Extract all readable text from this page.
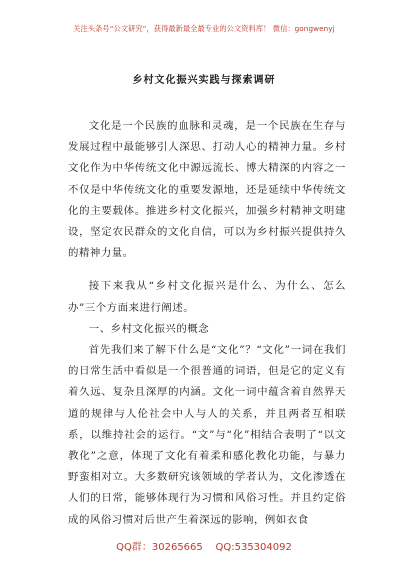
关注头条号“公文研究”，获得最新最全最专业的公文资料库！ 微信：gongwenyj
乡村文化振兴实践与探索调研

文化是一个民族的血脉和灵魂，是一个民族在生存与发展过程中最能够引人深思、打动人心的精神力量。乡村文化作为中华传统文化中源远流长、博大精深的内容之一不仅是中华传统文化的重要发源地，还是延续中华传统文化的主要载体。推进乡村文化振兴，加强乡村精神文明建设，坚定农民群众的文化自信，可以为乡村振兴提供持久的精神力量。

接下来我从“乡村文化振兴是什么、为什么、怎么办”三个方面来进行阐述。

一、乡村文化振兴的概念

首先我们来了解下什么是“文化”？“文化”一词在我们的日常生活中看似是一个很普通的词语，但是它的定义有着久远、复杂且深厚的内涵。文化一词中蕴含着自然界天道的规律与人伦社会中人与人的关系，并且两者互相联系，以维持社会的运行。“文”与“化”相结合表明了“以文教化”之意，体现了文化有着柔和感化教化功能，与暴力野蛮相对立。大多数研究该领域的学者认为，文化渗透在人们的日常，能够体现行为习惯和风俗习性。并且约定俗成的风俗习惯对后世产生着深远的影响，例如衣食

QQ群：30265665 QQ:535304092
